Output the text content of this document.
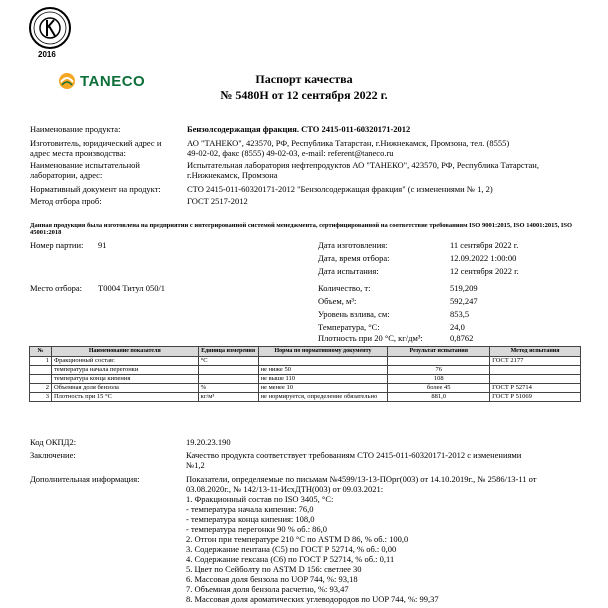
2016
TANECO	Паспорт качества
№ 5480Н от 12 сентября 2022 г.
Наименование продукта:	Бензолсодержащая фракция. СТО 2415-011-60320171-2012
Изготовитель, юридический адрес и	АО "ТАНЕКО", 423570, РФ, Республика Татарстан, г.Нижнекамск, Промзона, тел. (8555)
адрес места производства:	49-02-02, факс (8555) 49-02-03, e-mail: referent@taneco.ru
Наименование испытательной	Испытательная лаборатория нефтепродуктов АО "ТАНЕКО", 423570, РФ, Республика Татарстан,
лаборатории, адрес:	г.Нижнекамск, Промзона
Нормативный документ на продукт:	СТО 2415-011-60320171-2012 "Бензолсодержащая фракция" (с изменениями № 1, 2)
Метод отбора проб:	ГОСТ 2517-2012
Данная продукция была изготовлена на предприятии с интегрированной системой менеджмента, сертифицированной на соответствие требованиям ISO 9001:2015, ISO 14001:2015, ISO 45001:2018
Номер партии: 91
Место отбора: Т0004 Титул 050/1
Дата изготовления:	11 сентября 2022 г.
Дата, время отбора:	12.09.2022 1:00:00
Дата испытания:	12 сентября 2022 г.
Количество, т:	519,209
Объем, м³:	592,247
Уровень взлива, см:	853,5
Температура, °С:	24,0
Плотность при 20 °С, кг/дм³:	0,8762
№	Наименование показателя	Единица измерения	Норма по нормативному документу	Результат испытания	Метод испытания
1	Фракционный состав:	°С			ГОСТ 2177
	температура начала перегонки		не ниже 50	76	
	температура конца кипения		не выше 110	108	
2	Объемная доля бензола	%	не менее 10	более 45	ГОСТ Р 52714
3	Плотность при 15 °С	кг/м³	не нормируется, определение обязательно	881,0	ГОСТ Р 51069
Код ОКПД2:	19.20.23.190
Заключение:	Качество продукта соответствует требованиям СТО 2415-011-60320171-2012 с изменениями
№1,2
Дополнительная информация:	Показатели, определяемые по письмам №4599/13-13-ПОрг(003) от 14.10.2019г., № 2586/13-11 от
03.08.2020г., № 142/13-11-ИсхДТН(003) от 09.03.2021:
1. Фракционный состав по ISO 3405, °С:
- температура начала кипения: 76,0
- температура конца кипения: 108,0
- температура перегонки 90 % об.: 86,0
2. Отгон при температуре 210 °С по ASTM D 86, % об.: 100,0
3. Содержание пентана (С5) по ГОСТ Р 52714, % об.: 0,00
4. Содержание гексана (С6) по ГОСТ Р 52714, % об.: 0,11
5. Цвет по Сейболту по ASTM D 156: светлее 30
6. Массовая доля бензола по UOP 744, %: 93,18
7. Объемная доля бензола расчетно, %: 93,47
8. Массовая доля ароматических углеводородов по UOP 744, %: 99,37
